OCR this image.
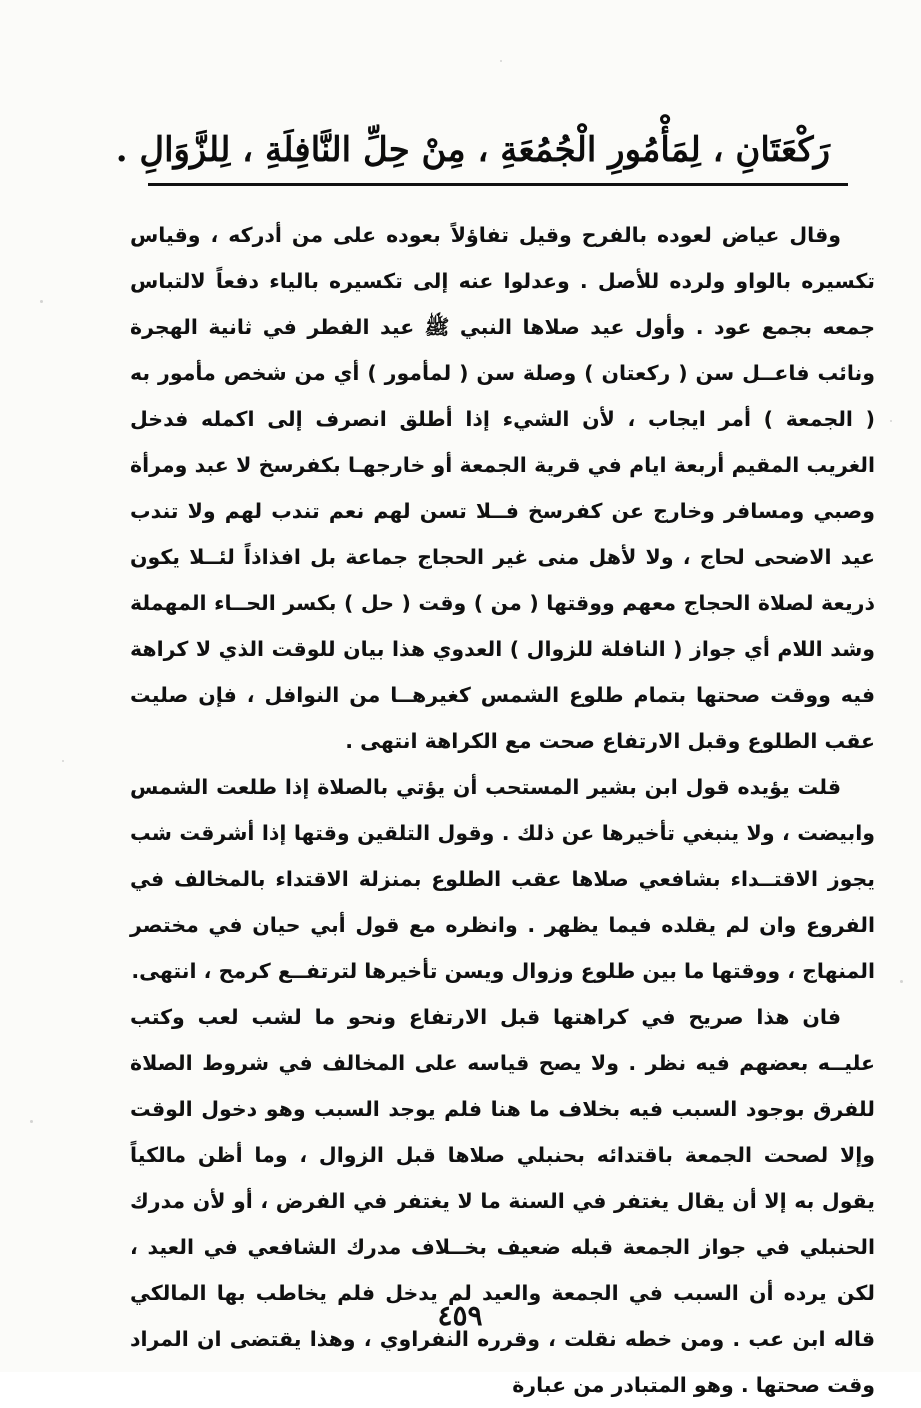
رَكْعَتَانِ ، لِمَأْمُورِ الْجُمُعَةِ ، مِنْ حِلِّ النَّافِلَةِ ، لِلزَّوَالِ .

وقال عياض لعوده بالفرح وقيل تفاؤلاً بعوده على من أدركه ، وقياس تكسيره بالواو ولرده للأصل . وعدلوا عنه إلى تكسيره بالياء دفعاً لالتباس جمعه بجمع عود . وأول عيد صلاها النبي ﷺ عيد الفطر في ثانية الهجرة ونائب فاعــل سن ( ركعتان ) وصلة سن ( لمأمور ) أي من شخص مأمور به ( الجمعة ) أمر ايجاب ، لأن الشيء إذا أطلق انصرف إلى اكمله فدخل الغريب المقيم أربعة ايام في قرية الجمعة أو خارجهـا بكفرسخ لا عبد ومرأة وصبي ومسافر وخارج عن كفرسخ فــلا تسن لهم نعم تندب لهم ولا تندب عيد الاضحى لحاج ، ولا لأهل منى غير الحجاج جماعة بل افذاذاً لئــلا يكون ذريعة لصلاة الحجاج معهم ووقتها ( من ) وقت ( حل ) بكسر الحــاء المهملة وشد اللام أي جواز ( النافلة للزوال ) العدوي هذا بيان للوقت الذي لا كراهة فيه ووقت صحتها بتمام طلوع الشمس كغيرهــا من النوافل ، فإن صليت عقب الطلوع وقبل الارتفاع صحت مع الكراهة انتهى .

قلت يؤيده قول ابن بشير المستحب أن يؤتي بالصلاة إذا طلعت الشمس وابيضت ، ولا ينبغي تأخيرها عن ذلك . وقول التلقين وقتها إذا أشرقت شب يجوز الاقتــداء بشافعي صلاها عقب الطلوع بمنزلة الاقتداء بالمخالف في الفروع وان لم يقلده فيما يظهر . وانظره مع قول أبي حيان في مختصر المنهاج ، ووقتها ما بين طلوع وزوال ويسن تأخيرها لترتفــع كرمح ، انتهى.

فان هذا صريح في كراهتها قبل الارتفاع ونحو ما لشب لعب وكتب عليــه بعضهم فيه نظر . ولا يصح قياسه على المخالف في شروط الصلاة للفرق بوجود السبب فيه بخلاف ما هنا فلم يوجد السبب وهو دخول الوقت وإلا لصحت الجمعة باقتدائه بحنبلي صلاها قبل الزوال ، وما أظن مالكياً يقول به إلا أن يقال يغتفر في السنة ما لا يغتفر في الفرض ، أو لأن مدرك الحنبلي في جواز الجمعة قبله ضعيف بخــلاف مدرك الشافعي في العيد ، لكن يرده أن السبب في الجمعة والعيد لم يدخل فلم يخاطب بها المالكي قاله ابن عب . ومن خطه نقلت ، وقرره النفراوي ، وهذا يقتضى ان المراد وقت صحتها . وهو المتبادر من عبارة

٤٥٩
